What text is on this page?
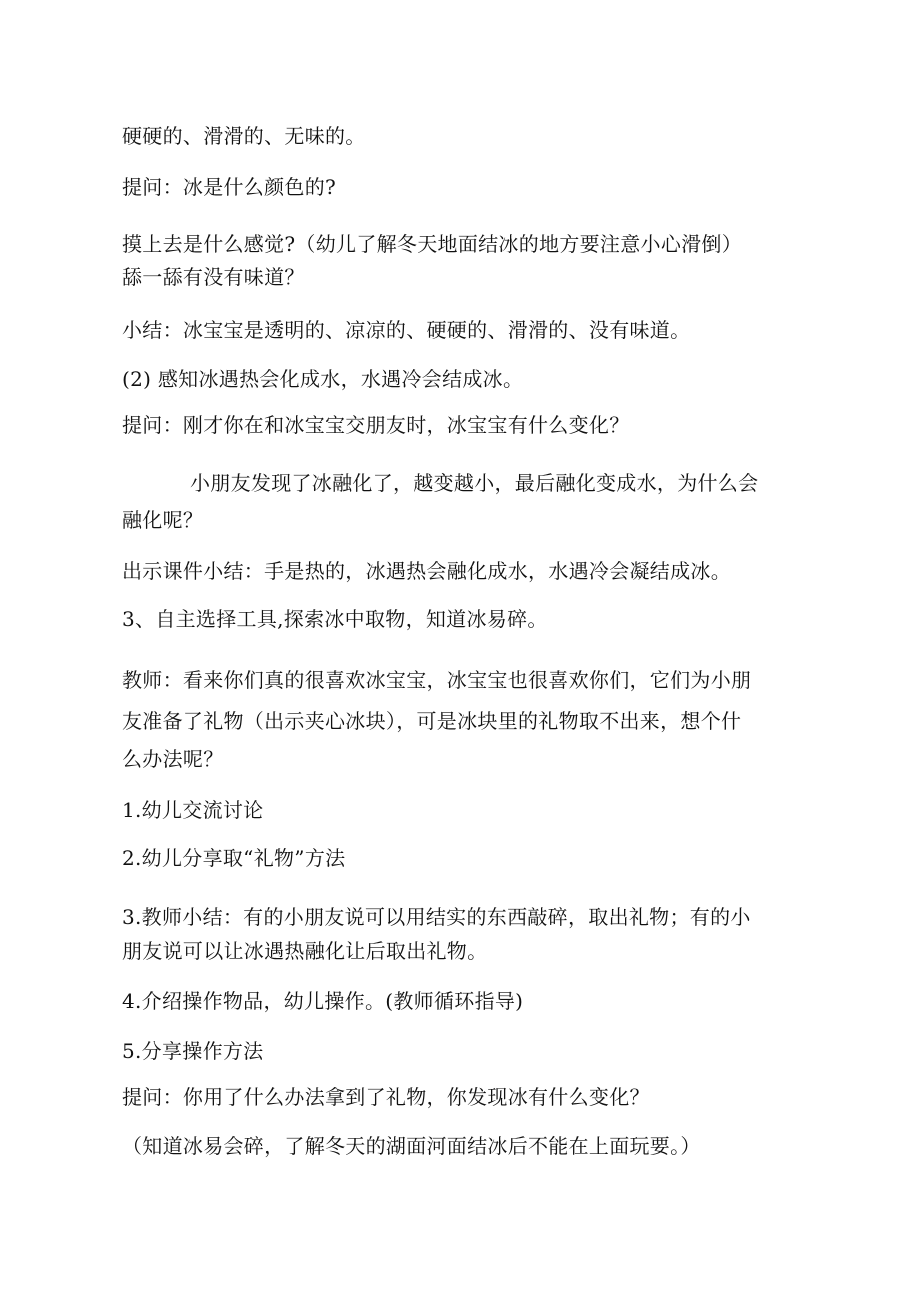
硬硬的、滑滑的、无味的。
提问：冰是什么颜色的?
摸上去是什么感觉?（幼儿了解冬天地面结冰的地方要注意小心滑倒）
舔一舔有没有味道？
小结：冰宝宝是透明的、凉凉的、硬硬的、滑滑的、没有味道。
(2) 感知冰遇热会化成水，水遇冷会结成冰。
提问：刚才你在和冰宝宝交朋友时，冰宝宝有什么变化？
小朋友发现了冰融化了，越变越小，最后融化变成水，为什么会
融化呢？
出示课件小结：手是热的，冰遇热会融化成水，水遇冷会凝结成冰。
3、自主选择工具,探索冰中取物，知道冰易碎。
教师：看来你们真的很喜欢冰宝宝，冰宝宝也很喜欢你们，它们为小朋
友准备了礼物（出示夹心冰块），可是冰块里的礼物取不出来，想个什
么办法呢？
1.幼儿交流讨论
2.幼儿分享取“礼物”方法
3.教师小结：有的小朋友说可以用结实的东西敲碎，取出礼物；有的小
朋友说可以让冰遇热融化让后取出礼物。
4.介绍操作物品，幼儿操作。(教师循环指导)
5.分享操作方法
提问：你用了什么办法拿到了礼物，你发现冰有什么变化？
（知道冰易会碎，了解冬天的湖面河面结冰后不能在上面玩要。）
